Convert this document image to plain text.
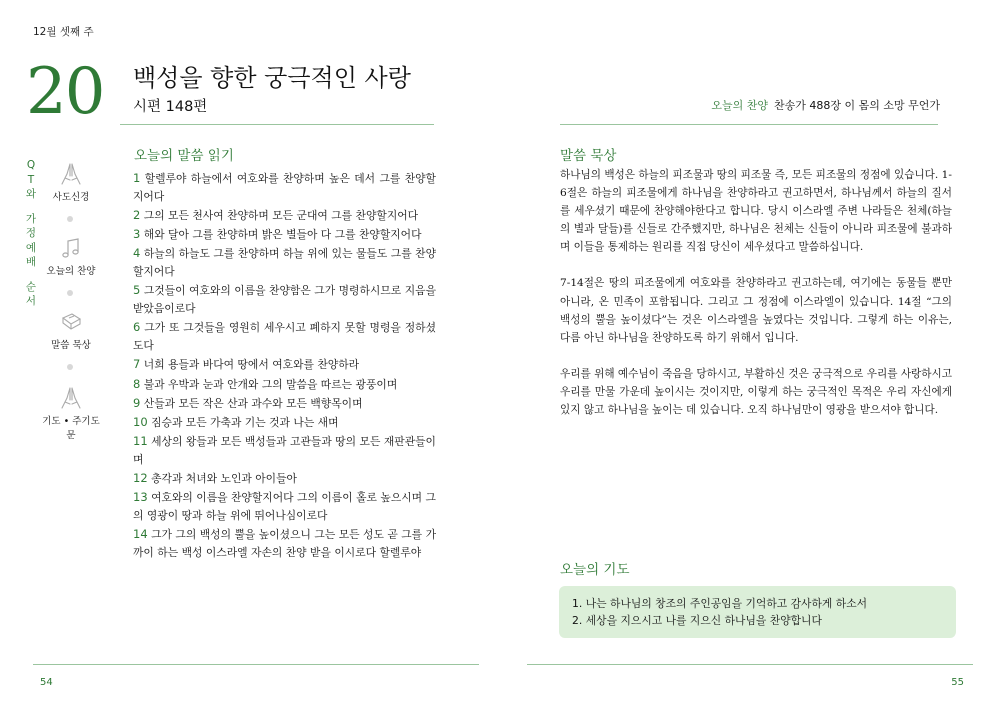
12월 셋째 주
20 백성을 향한 궁극적인 사랑
시편 148편	오늘의 찬양 찬송가 488장 이 몸의 소망 무언가
Q
T
와
가
정
예
배
순
서
사도신경
오늘의 찬양
말씀 묵상
기도 • 주기도문
오늘의 말씀 읽기
1 할렐루야 하늘에서 여호와를 찬양하며 높은 데서 그를 찬양할지어다
2 그의 모든 천사여 찬양하며 모든 군대여 그를 찬양할지어다
3 해와 달아 그를 찬양하며 밝은 별들아 다 그를 찬양할지어다
4 하늘의 하늘도 그를 찬양하며 하늘 위에 있는 물들도 그를 찬양할지어다
5 그것들이 여호와의 이름을 찬양함은 그가 명령하시므로 지음을 받았음이로다
6 그가 또 그것들을 영원히 세우시고 폐하지 못할 명령을 정하셨도다
7 너희 용들과 바다여 땅에서 여호와를 찬양하라
8 불과 우박과 눈과 안개와 그의 말씀을 따르는 광풍이며
9 산들과 모든 작은 산과 과수와 모든 백향목이며
10 짐승과 모든 가축과 기는 것과 나는 새며
11 세상의 왕들과 모든 백성들과 고관들과 땅의 모든 재판관들이며
12 총각과 처녀와 노인과 아이들아
13 여호와의 이름을 찬양할지어다 그의 이름이 홀로 높으시며 그의 영광이 땅과 하늘 위에 뛰어나심이로다
14 그가 그의 백성의 뿔을 높이셨으니 그는 모든 성도 곧 그를 가까이 하는 백성 이스라엘 자손의 찬양 받을 이시로다 할렐루야
말씀 묵상

하나님의 백성은 하늘의 피조물과 땅의 피조물 즉, 모든 피조물의 정점에 있습니다. 1-6절은 하늘의 피조물에게 하나님을 찬양하라고 권고하면서, 하나님께서 하늘의 질서를 세우셨기 때문에 찬양해야한다고 합니다. 당시 이스라엘 주변 나라들은 천체(하늘의 별과 달들)를 신들로 간주했지만, 하나님은 천체는 신들이 아니라 피조물에 불과하며 이들을 통제하는 원리를 직접 당신이 세우셨다고 말씀하십니다.

7-14절은 땅의 피조물에게 여호와를 찬양하라고 권고하는데, 여기에는 동물들 뿐만 아니라, 온 민족이 포함됩니다. 그리고 그 정점에 이스라엘이 있습니다. 14절 “그의 백성의 뿔을 높이셨다”는 것은 이스라엘을 높였다는 것입니다. 그렇게 하는 이유는, 다름 아닌 하나님을 찬양하도록 하기 위해서 입니다.

우리를 위해 예수님이 죽음을 당하시고, 부활하신 것은 궁극적으로 우리를 사랑하시고 우리를 만물 가운데 높이시는 것이지만, 이렇게 하는 궁극적인 목적은 우리 자신에게 있지 않고 하나님을 높이는 데 있습니다. 오직 하나님만이 영광을 받으셔야 합니다.

오늘의 기도
1. 나는 하나님의 창조의 주인공임을 기억하고 감사하게 하소서
2. 세상을 지으시고 나를 지으신 하나님을 찬양합니다
54	55
